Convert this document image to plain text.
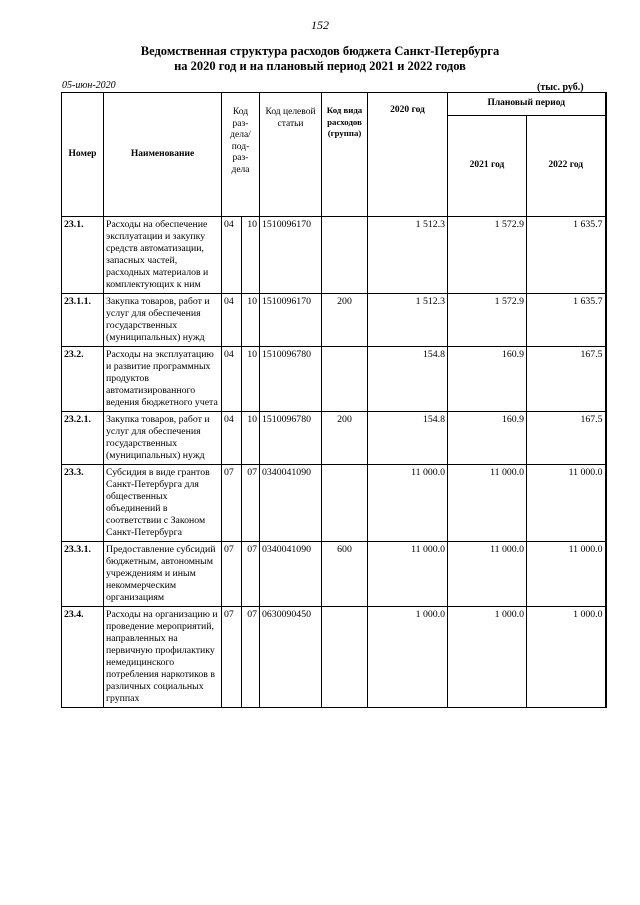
152
Ведомственная структура расходов бюджета Санкт-Петербурга
на 2020 год и на плановый период 2021 и 2022 годов
05-июн-2020	(тыс. руб.)
Номер	Наименование	Код раз-дела/ под-раз-дела		Код целевой статьи	Код вида расходов (группа)	2020 год	Плановый период	
							2021 год	2022 год
23.1.	Расходы на обеспечение эксплуатации и закупку средств автоматизации, запасных частей, расходных материалов и комплектующих к ним	04	10	1510096170		1 512.3	1 572.9	1 635.7
23.1.1.	Закупка товаров, работ и услуг для обеспечения государственных (муниципальных) нужд	04	10	1510096170	200	1 512.3	1 572.9	1 635.7
23.2.	Расходы на эксплуатацию и развитие программных продуктов автоматизированного ведения бюджетного учета	04	10	1510096780		154.8	160.9	167.5
23.2.1.	Закупка товаров, работ и услуг для обеспечения государственных (муниципальных) нужд	04	10	1510096780	200	154.8	160.9	167.5
23.3.	Субсидия в виде грантов Санкт-Петербурга для общественных объединений в соответствии с Законом Санкт-Петербурга	07	07	0340041090		11 000.0	11 000.0	11 000.0
23.3.1.	Предоставление субсидий бюджетным, автономным учреждениям и иным некоммерческим организациям	07	07	0340041090	600	11 000.0	11 000.0	11 000.0
23.4.	Расходы на организацию и проведение мероприятий, направленных на первичную профилактику немедицинского потребления наркотиков в различных социальных группах	07	07	0630090450		1 000.0	1 000.0	1 000.0
